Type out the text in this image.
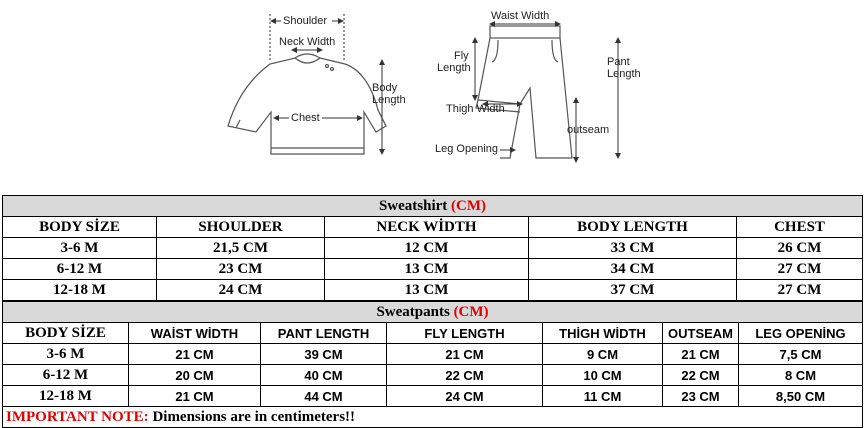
Shoulder
Neck Width
Body
Length
Chest
Waist Width
Fly
Length	Pant
Length
Thigh Width
outseam
Leg Opening
Sweatshirt (CM)				
BODY SİZE	SHOULDER	NECK WİDTH	BODY LENGTH	CHEST
3-6 M	21,5 CM	12 CM	33 CM	26 CM
6-12 M	23 CM	13 CM	34 CM	27 CM
12-18 M	24 CM	13 CM	37 CM	27 CM
Sweatpants (CM)						
BODY SİZE	WAİST WİDTH	PANT LENGTH	FLY LENGTH	THİGH WİDTH	OUTSEAM	LEG OPENİNG
3-6 M	21 CM	39 CM	21 CM	9 CM	21 CM	7,5 CM
6-12 M	20 CM	40 CM	22 CM	10 CM	22 CM	8 CM
12-18 M	21 CM	44 CM	24 CM	11 CM	23 CM	8,50 CM
IMPORTANT NOTE: Dimensions are in centimeters!!						
